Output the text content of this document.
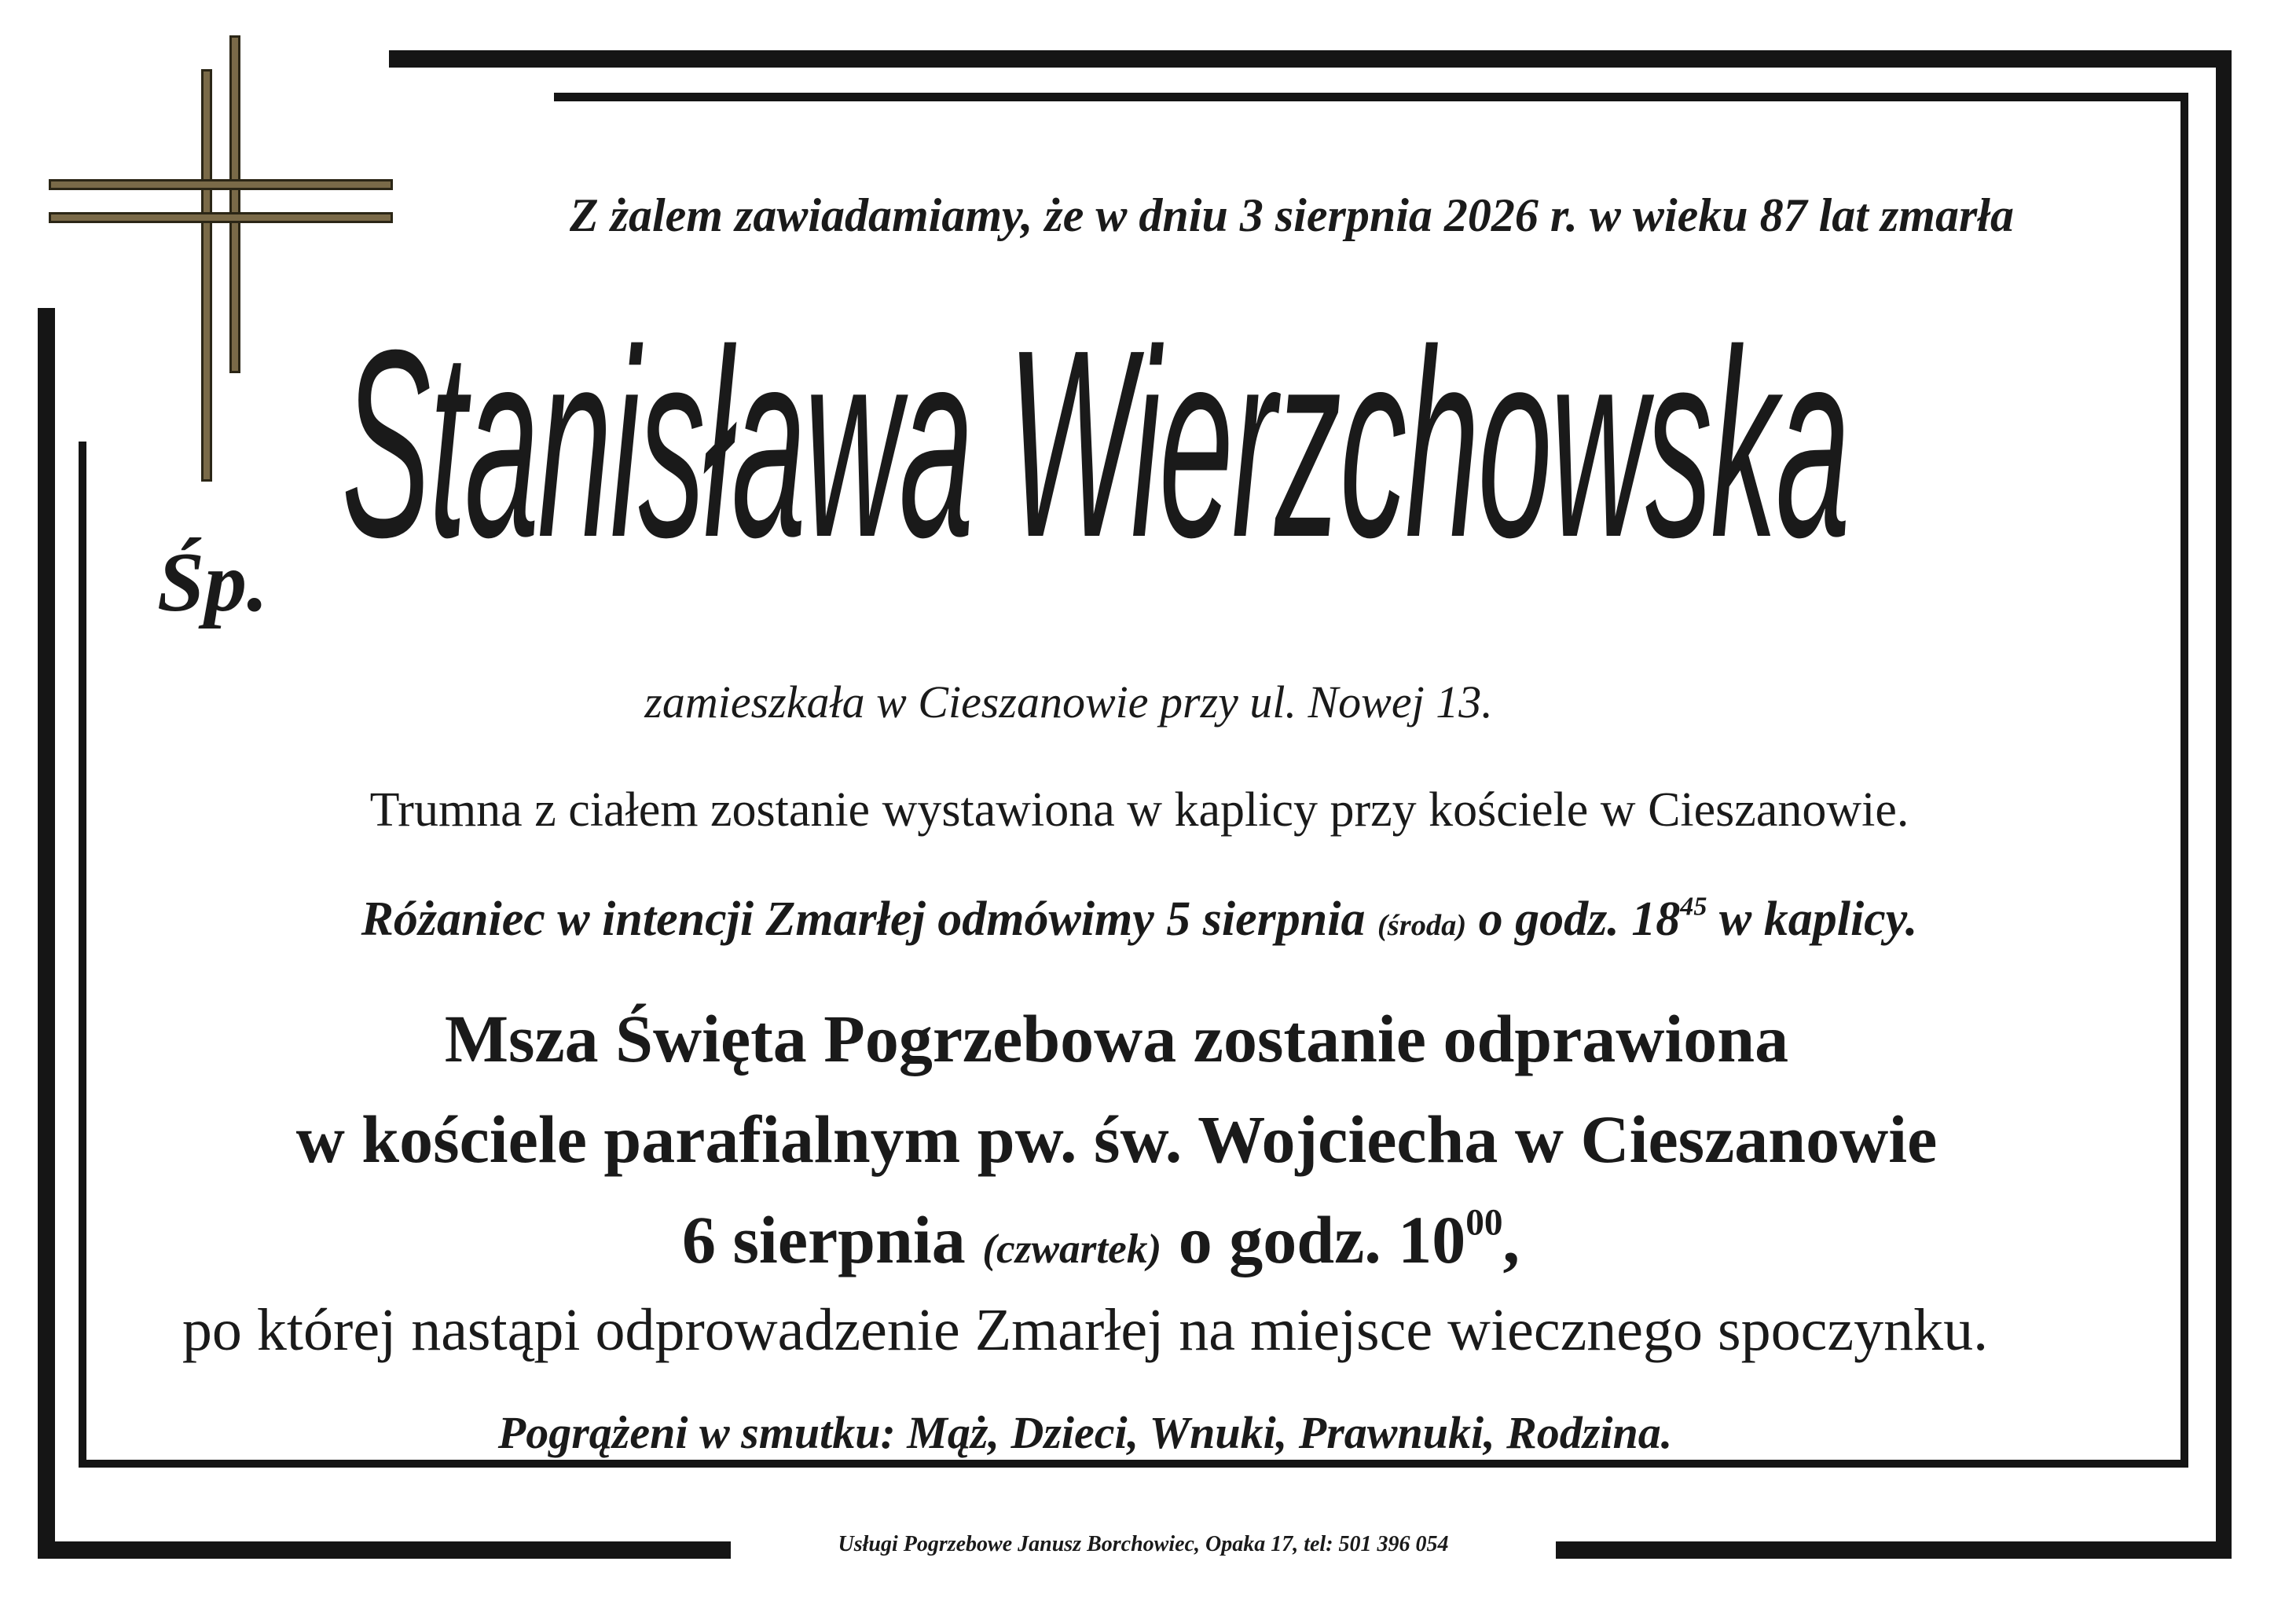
Z żalem zawiadamiamy, że w dniu 3 sierpnia 2026 r. w wieku 87 lat zmarła
Śp. Stanisława Wierzchowska
zamieszkała w Cieszanowie przy ul. Nowej 13.
Trumna z ciałem zostanie wystawiona w kaplicy przy kościele w Cieszanowie.
Różaniec w intencji Zmarłej odmówimy 5 sierpnia (środa) o godz. $18^{45}$ w kaplicy.
Msza Święta Pogrzebowa zostanie odprawiona
w kościele parafialnym pw. św. Wojciecha w Cieszanowie
6 sierpnia (czwartek) o godz. $10^{00}$,
po której nastąpi odprowadzenie Zmarłej na miejsce wiecznego spoczynku.
Pogrążeni w smutku: Mąż, Dzieci, Wnuki, Prawnuki, Rodzina.
Usługi Pogrzebowe Janusz Borchowiec, Opaka 17, tel: 501 396 054
